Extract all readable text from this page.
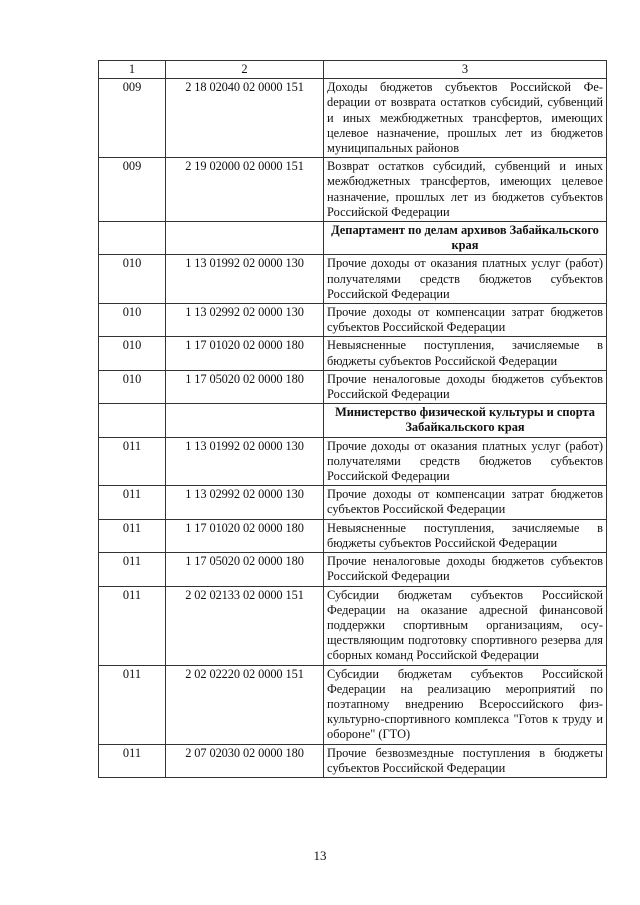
1	2	3
009	2 18 02040 02 0000 151	Доходы бюджетов субъектов Российской Феdерации от возврата остатков субсидий, субвенций и иных межбюджетных трансфертов, имеющих целевое назначение, прошлых лет из бюджетов муниципальных районов
009	2 19 02000 02 0000 151	Возврат остатков субсидий, субвенций и иных межбюджетных трансфертов, имеющих целевое назначение, прошлых лет из бюджетов субъектов Российской Федерации
		Департамент по делам архивов Забайкальского края
010	1 13 01992 02 0000 130	Прочие доходы от оказания платных услуг (работ) получателями средств бюджетов субъектов Российской Федерации
010	1 13 02992 02 0000 130	Прочие доходы от компенсации затрат бюджетов субъектов Российской Федерации
010	1 17 01020 02 0000 180	Невыясненные поступления, зачисляемые в бюджеты субъектов Российской Федерации
010	1 17 05020 02 0000 180	Прочие неналоговые доходы бюджетов субъектов Российской Федерации
		Министерство физической культуры и спорта Забайкальского края
011	1 13 01992 02 0000 130	Прочие доходы от оказания платных услуг (работ) получателями средств бюджетов субъектов Российской Федерации
011	1 13 02992 02 0000 130	Прочие доходы от компенсации затрат бюджетов субъектов Российской Федерации
011	1 17 01020 02 0000 180	Невыясненные поступления, зачисляемые в бюджеты субъектов Российской Федерации
011	1 17 05020 02 0000 180	Прочие неналоговые доходы бюджетов субъектов Российской Федерации
011	2 02 02133 02 0000 151	Субсидии бюджетам субъектов Российской Федерации на оказание адресной финансовой поддержки спортивным организациям, осуществляющим подготовку спортивного резерва для сборных команд Российской Федерации
011	2 02 02220 02 0000 151	Субсидии бюджетам субъектов Российской Федерации на реализацию мероприятий по поэтапному внедрению Всероссийского физкультурно-спортивного комплекса "Готов к труду и обороне" (ГТО)
011	2 07 02030 02 0000 180	Прочие безвозмездные поступления в бюджеты субъектов Российской Федерации
13
